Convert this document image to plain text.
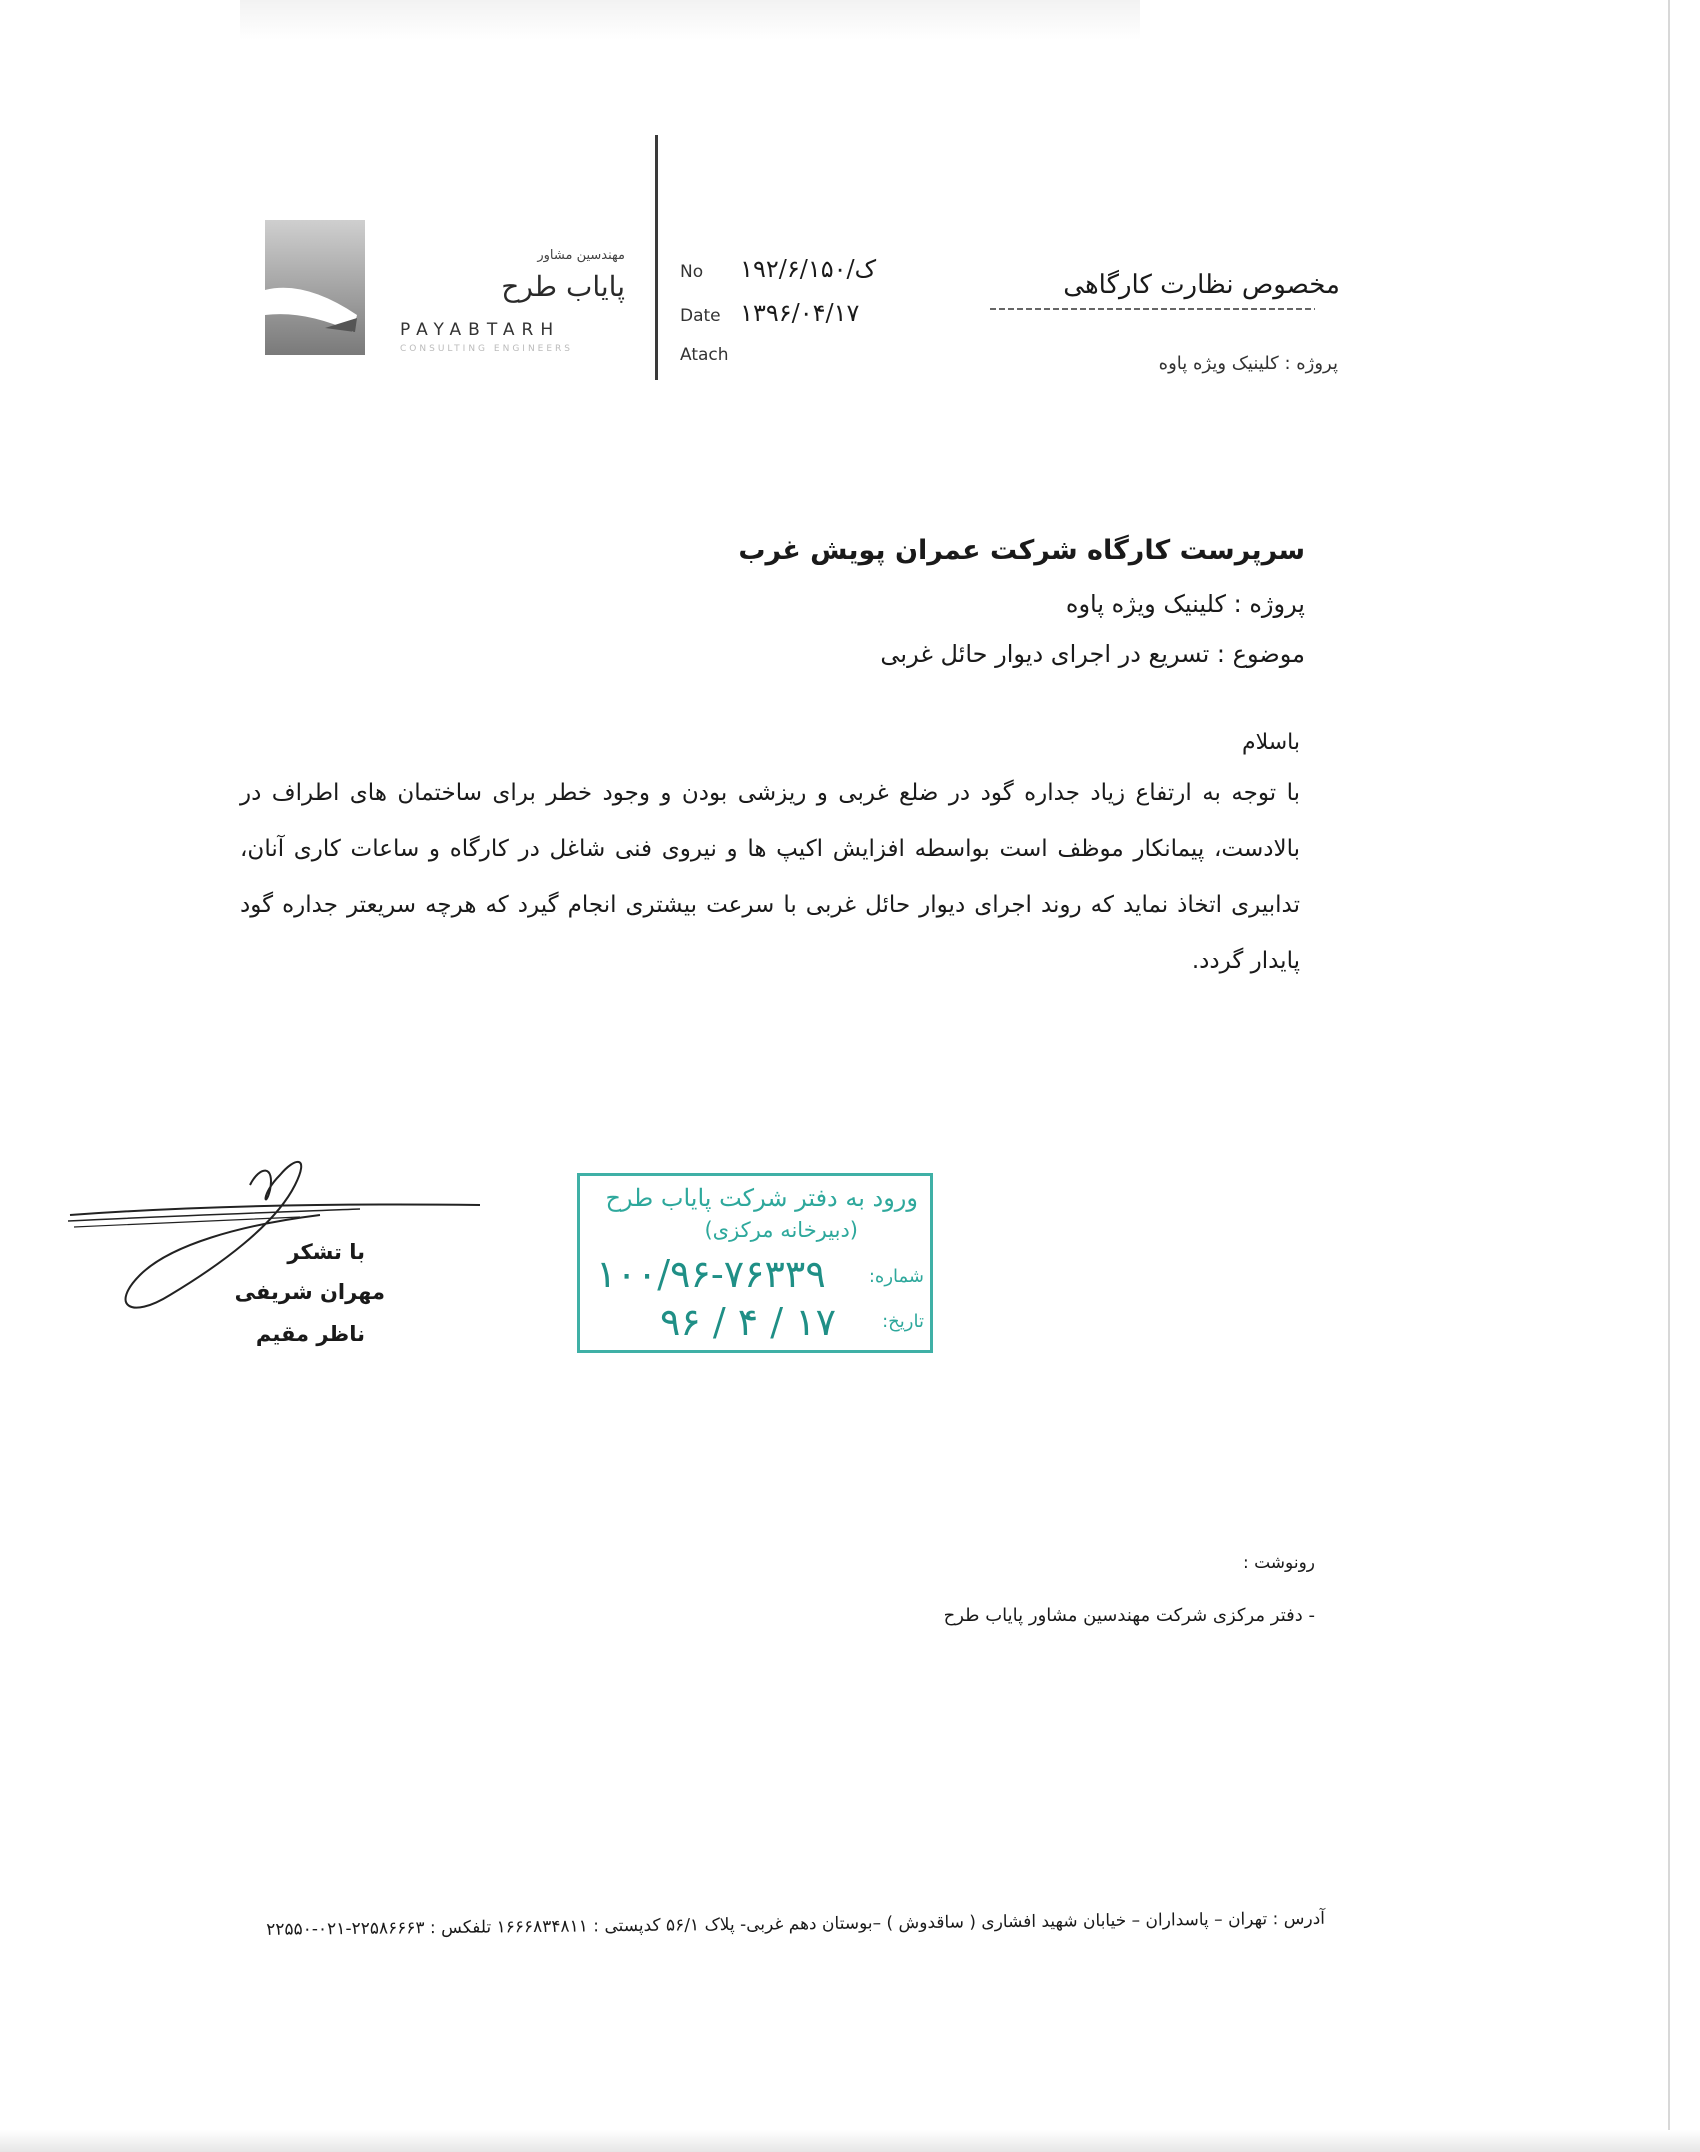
مهندسین مشاور
پایاب طرح
PAYABTARH
CONSULTING ENGINEERS
No ۱۹۲/۶/ک/۱۵۰
Date ۱۳۹۶/۰۴/۱۷
Atach
مخصوص نظارت کارگاهی
پروژه : کلینیک ویژه پاوه
سرپرست کارگاه شرکت عمران پویش غرب
پروژه : کلینیک ویژه پاوه
موضوع : تسریع در اجرای دیوار حائل غربی
باسلام
با توجه به ارتفاع زیاد جداره گود در ضلع غربی و ریزشی بودن و وجود خطر برای ساختمان های اطراف در بالادست، پیمانکار موظف است بواسطه افزایش اکیپ ها و نیروی فنی شاغل در کارگاه و ساعات کاری آنان، تدابیری اتخاذ نماید که روند اجرای دیوار حائل غربی با سرعت بیشتری انجام گیرد که هرچه سریعتر جداره گود پایدار گردد.
با تشکر
مهران شریفی
ناظر مقیم
ورود به دفتر شرکت پایاب طرح
(دبیرخانه مرکزی)
شماره:
تاریخ:
۱۰۰/۹۶-۷۶۳۳۹
۹۶ / ۴ / ۱۷
رونوشت :
- دفتر مرکزی شرکت مهندسین مشاور پایاب طرح
آدرس : تهران – پاسداران – خیابان شهید افشاری ( ساقدوش ) –بوستان دهم غربی- پلاک ۵۶/۱ کدپستی : ۱۶۶۶۸۳۴۸۱۱ تلفکس : ۲۲۵۸۶۶۶۳-۰۲۱-۲۲۵۵۰
